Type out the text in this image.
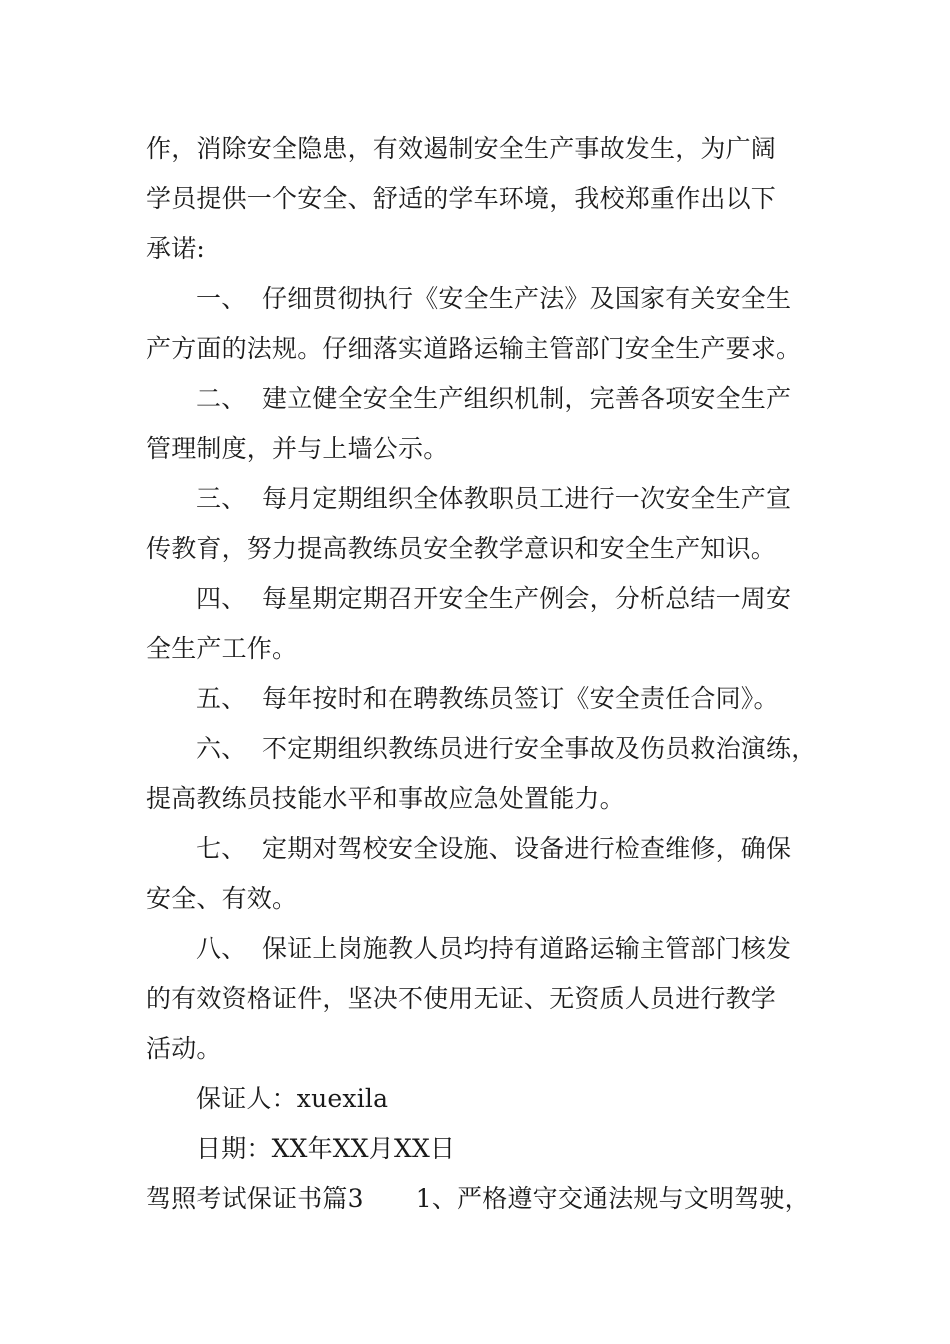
作，消除安全隐患，有效遏制安全生产事故发生，为广阔
学员提供一个安全、舒适的学车环境，我校郑重作出以下
承诺:
一、 仔细贯彻执行《安全生产法》及国家有关安全生
产方面的法规。仔细落实道路运输主管部门安全生产要求。
二、 建立健全安全生产组织机制，完善各项安全生产
管理制度，并与上墙公示。
三、 每月定期组织全体教职员工进行一次安全生产宣
传教育，努力提高教练员安全教学意识和安全生产知识。
四、 每星期定期召开安全生产例会，分析总结一周安
全生产工作。
五、 每年按时和在聘教练员签订《安全责任合同》。
六、 不定期组织教练员进行安全事故及伤员救治演练，
提高教练员技能水平和事故应急处置能力。
七、 定期对驾校安全设施、设备进行检查维修，确保
安全、有效。
八、 保证上岗施教人员均持有道路运输主管部门核发
的有效资格证件，坚决不使用无证、无资质人员进行教学
活动。
保证人：xuexila
日期：XX年XX月XX日
驾照考试保证书篇3 1、严格遵守交通法规与文明驾驶，
